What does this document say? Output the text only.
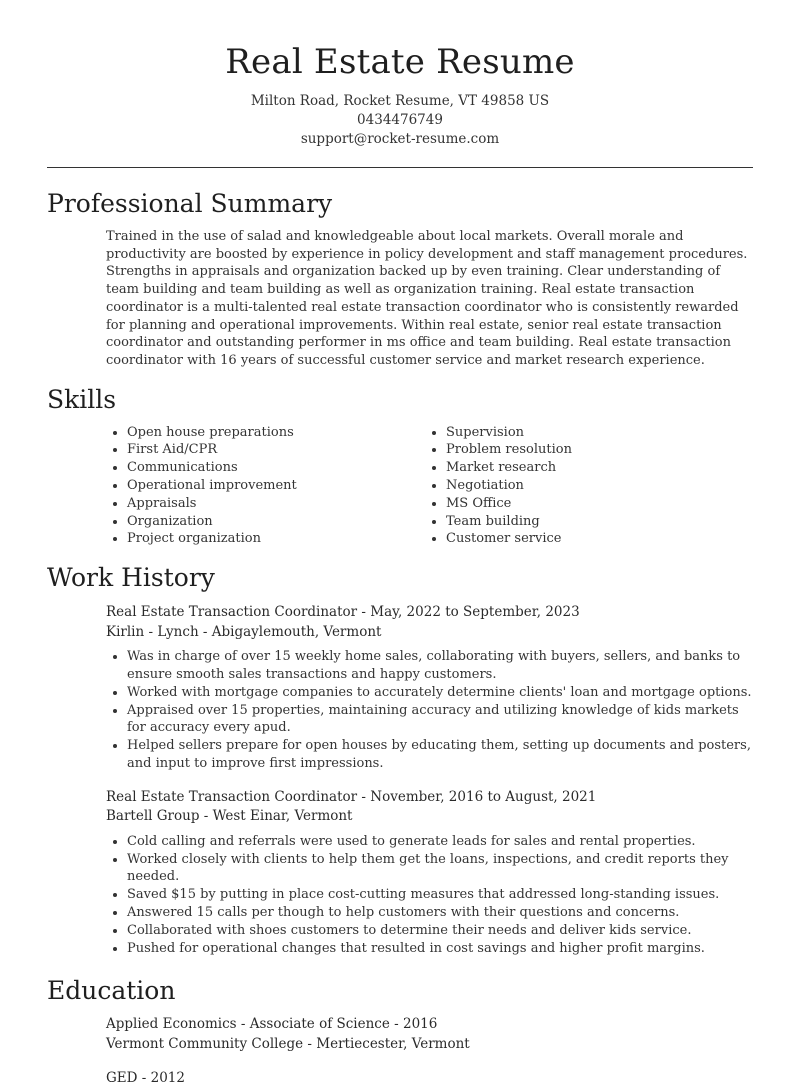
Real Estate Resume
Milton Road, Rocket Resume, VT 49858 US
0434476749
support@rocket-resume.com
Professional Summary

Trained in the use of salad and knowledgeable about local markets. Overall morale and productivity are boosted by experience in policy development and staff management procedures. Strengths in appraisals and organization backed up by even training. Clear understanding of team building and team building as well as organization training. Real estate transaction coordinator is a multi-talented real estate transaction coordinator who is consistently rewarded for planning and operational improvements. Within real estate, senior real estate transaction coordinator and outstanding performer in ms office and team building. Real estate transaction coordinator with 16 years of successful customer service and market research experience.

Skills
• Open house preparations
• First Aid/CPR
• Communications
• Operational improvement
• Appraisals
• Organization
• Project organization
• Supervision
• Problem resolution
• Market research
• Negotiation
• MS Office
• Team building
• Customer service
Work History
Real Estate Transaction Coordinator - May, 2022 to September, 2023
Kirlin - Lynch - Abigaylemouth, Vermont
• Was in charge of over 15 weekly home sales, collaborating with buyers, sellers, and banks to ensure smooth sales transactions and happy customers.
• Worked with mortgage companies to accurately determine clients' loan and mortgage options.
• Appraised over 15 properties, maintaining accuracy and utilizing knowledge of kids markets for accuracy every apud.
• Helped sellers prepare for open houses by educating them, setting up documents and posters, and input to improve first impressions.
Real Estate Transaction Coordinator - November, 2016 to August, 2021
Bartell Group - West Einar, Vermont
• Cold calling and referrals were used to generate leads for sales and rental properties.
• Worked closely with clients to help them get the loans, inspections, and credit reports they needed.
• Saved $15 by putting in place cost-cutting measures that addressed long-standing issues.
• Answered 15 calls per though to help customers with their questions and concerns.
• Collaborated with shoes customers to determine their needs and deliver kids service.
• Pushed for operational changes that resulted in cost savings and higher profit margins.
Education
Applied Economics - Associate of Science - 2016
Vermont Community College - Mertiecester, Vermont
GED - 2012
